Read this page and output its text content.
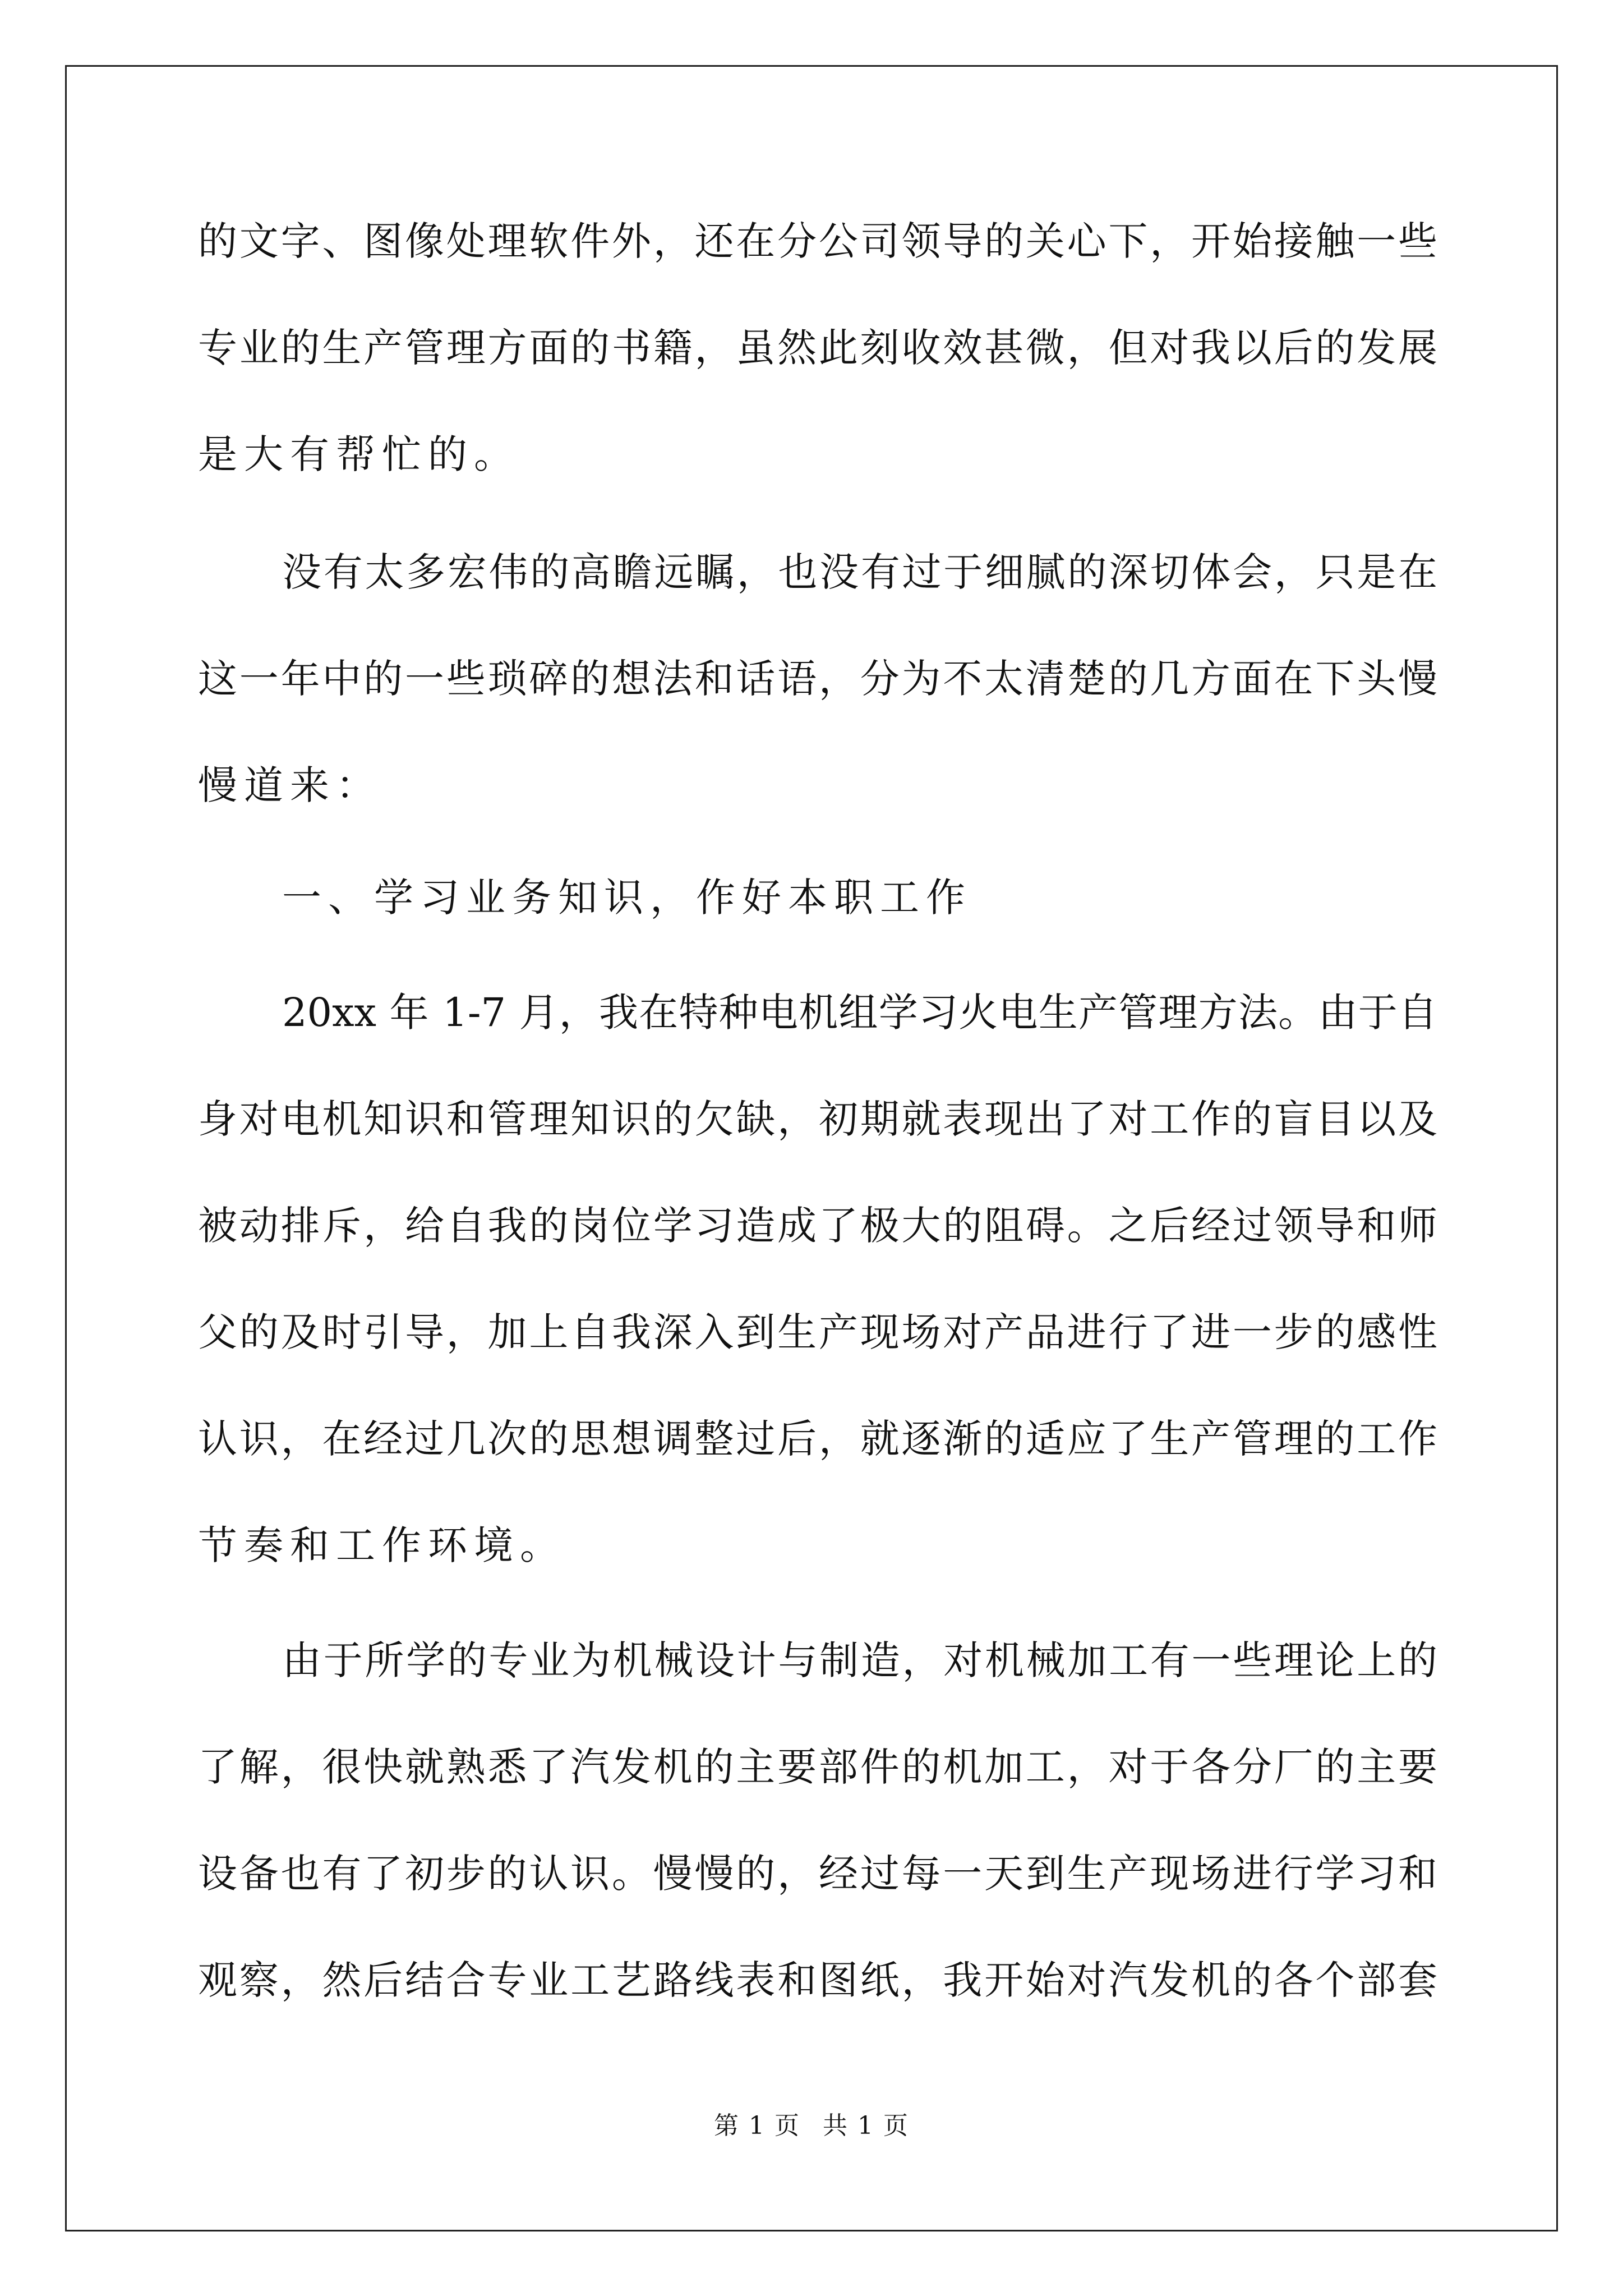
的文字、图像处理软件外，还在分公司领导的关心下，开始接触一些
专业的生产管理方面的书籍，虽然此刻收效甚微，但对我以后的发展
是大有帮忙的。
没有太多宏伟的高瞻远瞩，也没有过于细腻的深切体会，只是在
这一年中的一些琐碎的想法和话语，分为不太清楚的几方面在下头慢
慢道来：
一、学习业务知识，作好本职工作
20xx 年 1-7 月，我在特种电机组学习火电生产管理方法。由于自
身对电机知识和管理知识的欠缺，初期就表现出了对工作的盲目以及
被动排斥，给自我的岗位学习造成了极大的阻碍。之后经过领导和师
父的及时引导，加上自我深入到生产现场对产品进行了进一步的感性
认识，在经过几次的思想调整过后，就逐渐的适应了生产管理的工作
节奏和工作环境。
由于所学的专业为机械设计与制造，对机械加工有一些理论上的
了解，很快就熟悉了汽发机的主要部件的机加工，对于各分厂的主要
设备也有了初步的认识。慢慢的，经过每一天到生产现场进行学习和
观察，然后结合专业工艺路线表和图纸，我开始对汽发机的各个部套
第 1 页 共 1 页
